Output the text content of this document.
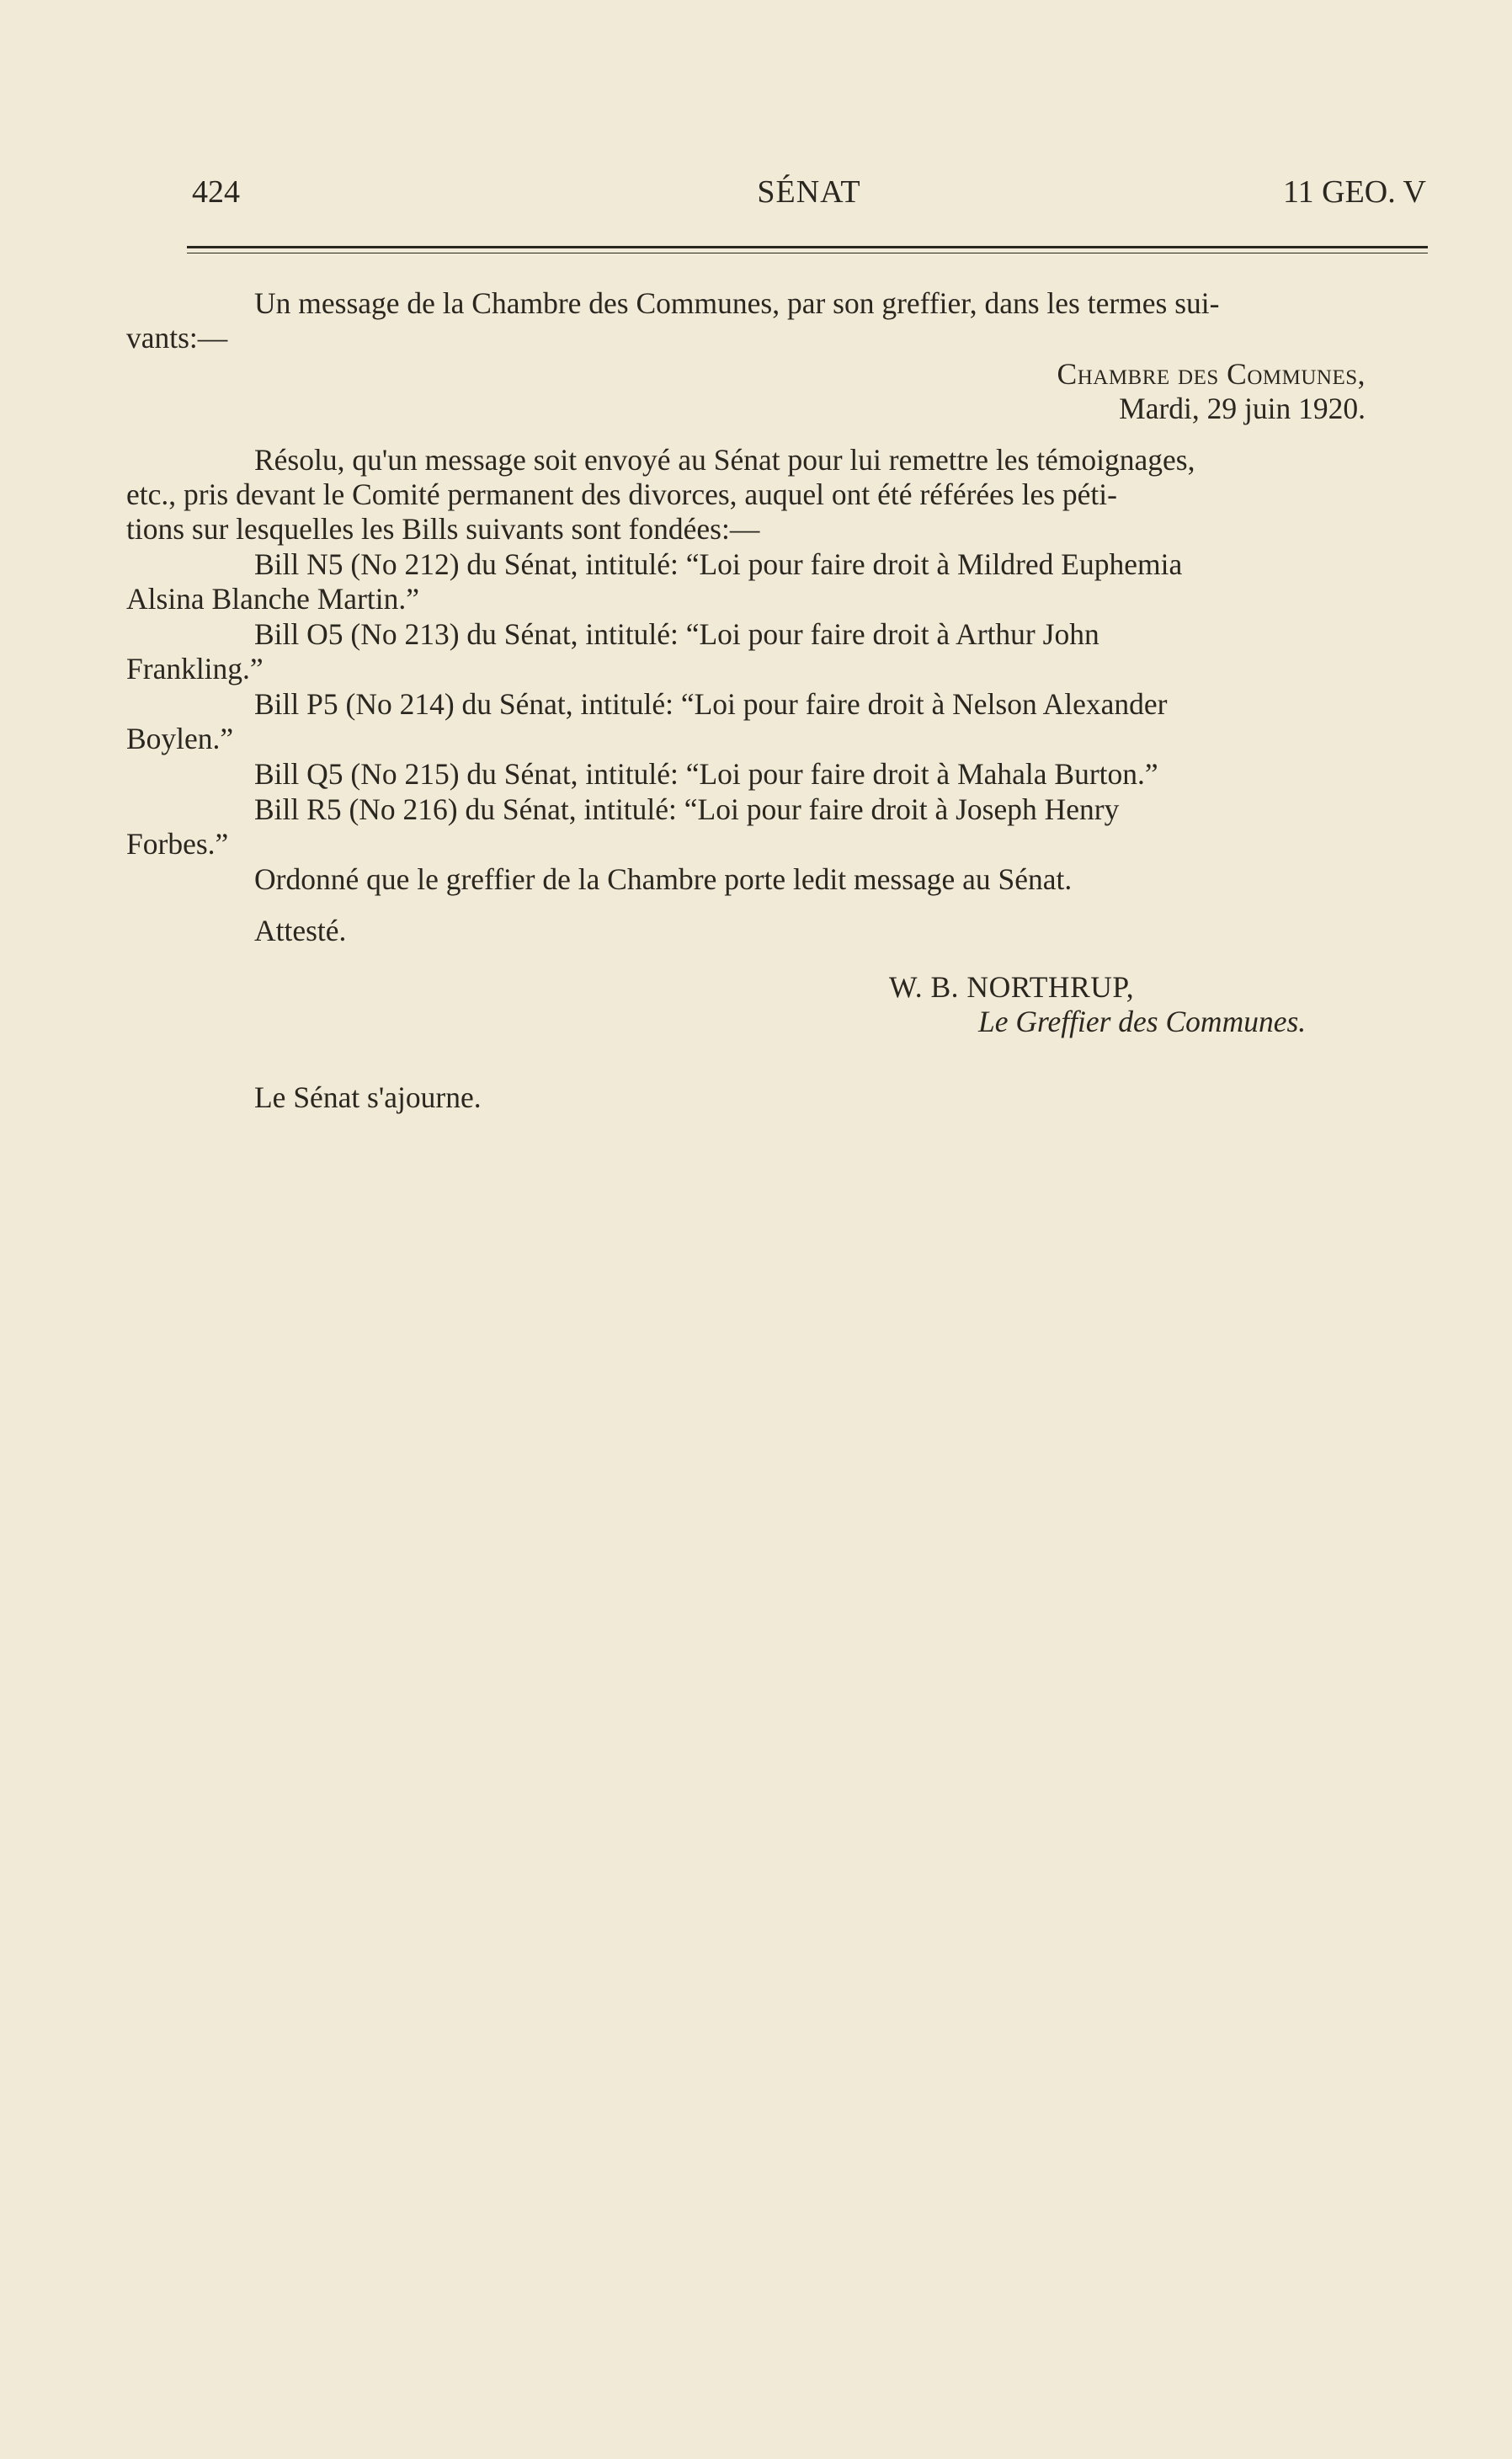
424	SÉNAT	11 GEO. V

Un message de la Chambre des Communes, par son greffier, dans les termes sui-
vants:—

Chambre des Communes,

Mardi, 29 juin 1920.

Résolu, qu'un message soit envoyé au Sénat pour lui remettre les témoignages,
etc., pris devant le Comité permanent des divorces, auquel ont été référées les péti-
tions sur lesquelles les Bills suivants sont fondées:—

Bill N5 (No 212) du Sénat, intitulé: “Loi pour faire droit à Mildred Euphemia
Alsina Blanche Martin.”

Bill O5 (No 213) du Sénat, intitulé: “Loi pour faire droit à Arthur John
Frankling.”

Bill P5 (No 214) du Sénat, intitulé: “Loi pour faire droit à Nelson Alexander
Boylen.”

Bill Q5 (No 215) du Sénat, intitulé: “Loi pour faire droit à Mahala Burton.”

Bill R5 (No 216) du Sénat, intitulé: “Loi pour faire droit à Joseph Henry
Forbes.”

Ordonné que le greffier de la Chambre porte ledit message au Sénat.

Attesté.

W. B. NORTHRUP,
Le Greffier des Communes.
Le Sénat s'ajourne.
